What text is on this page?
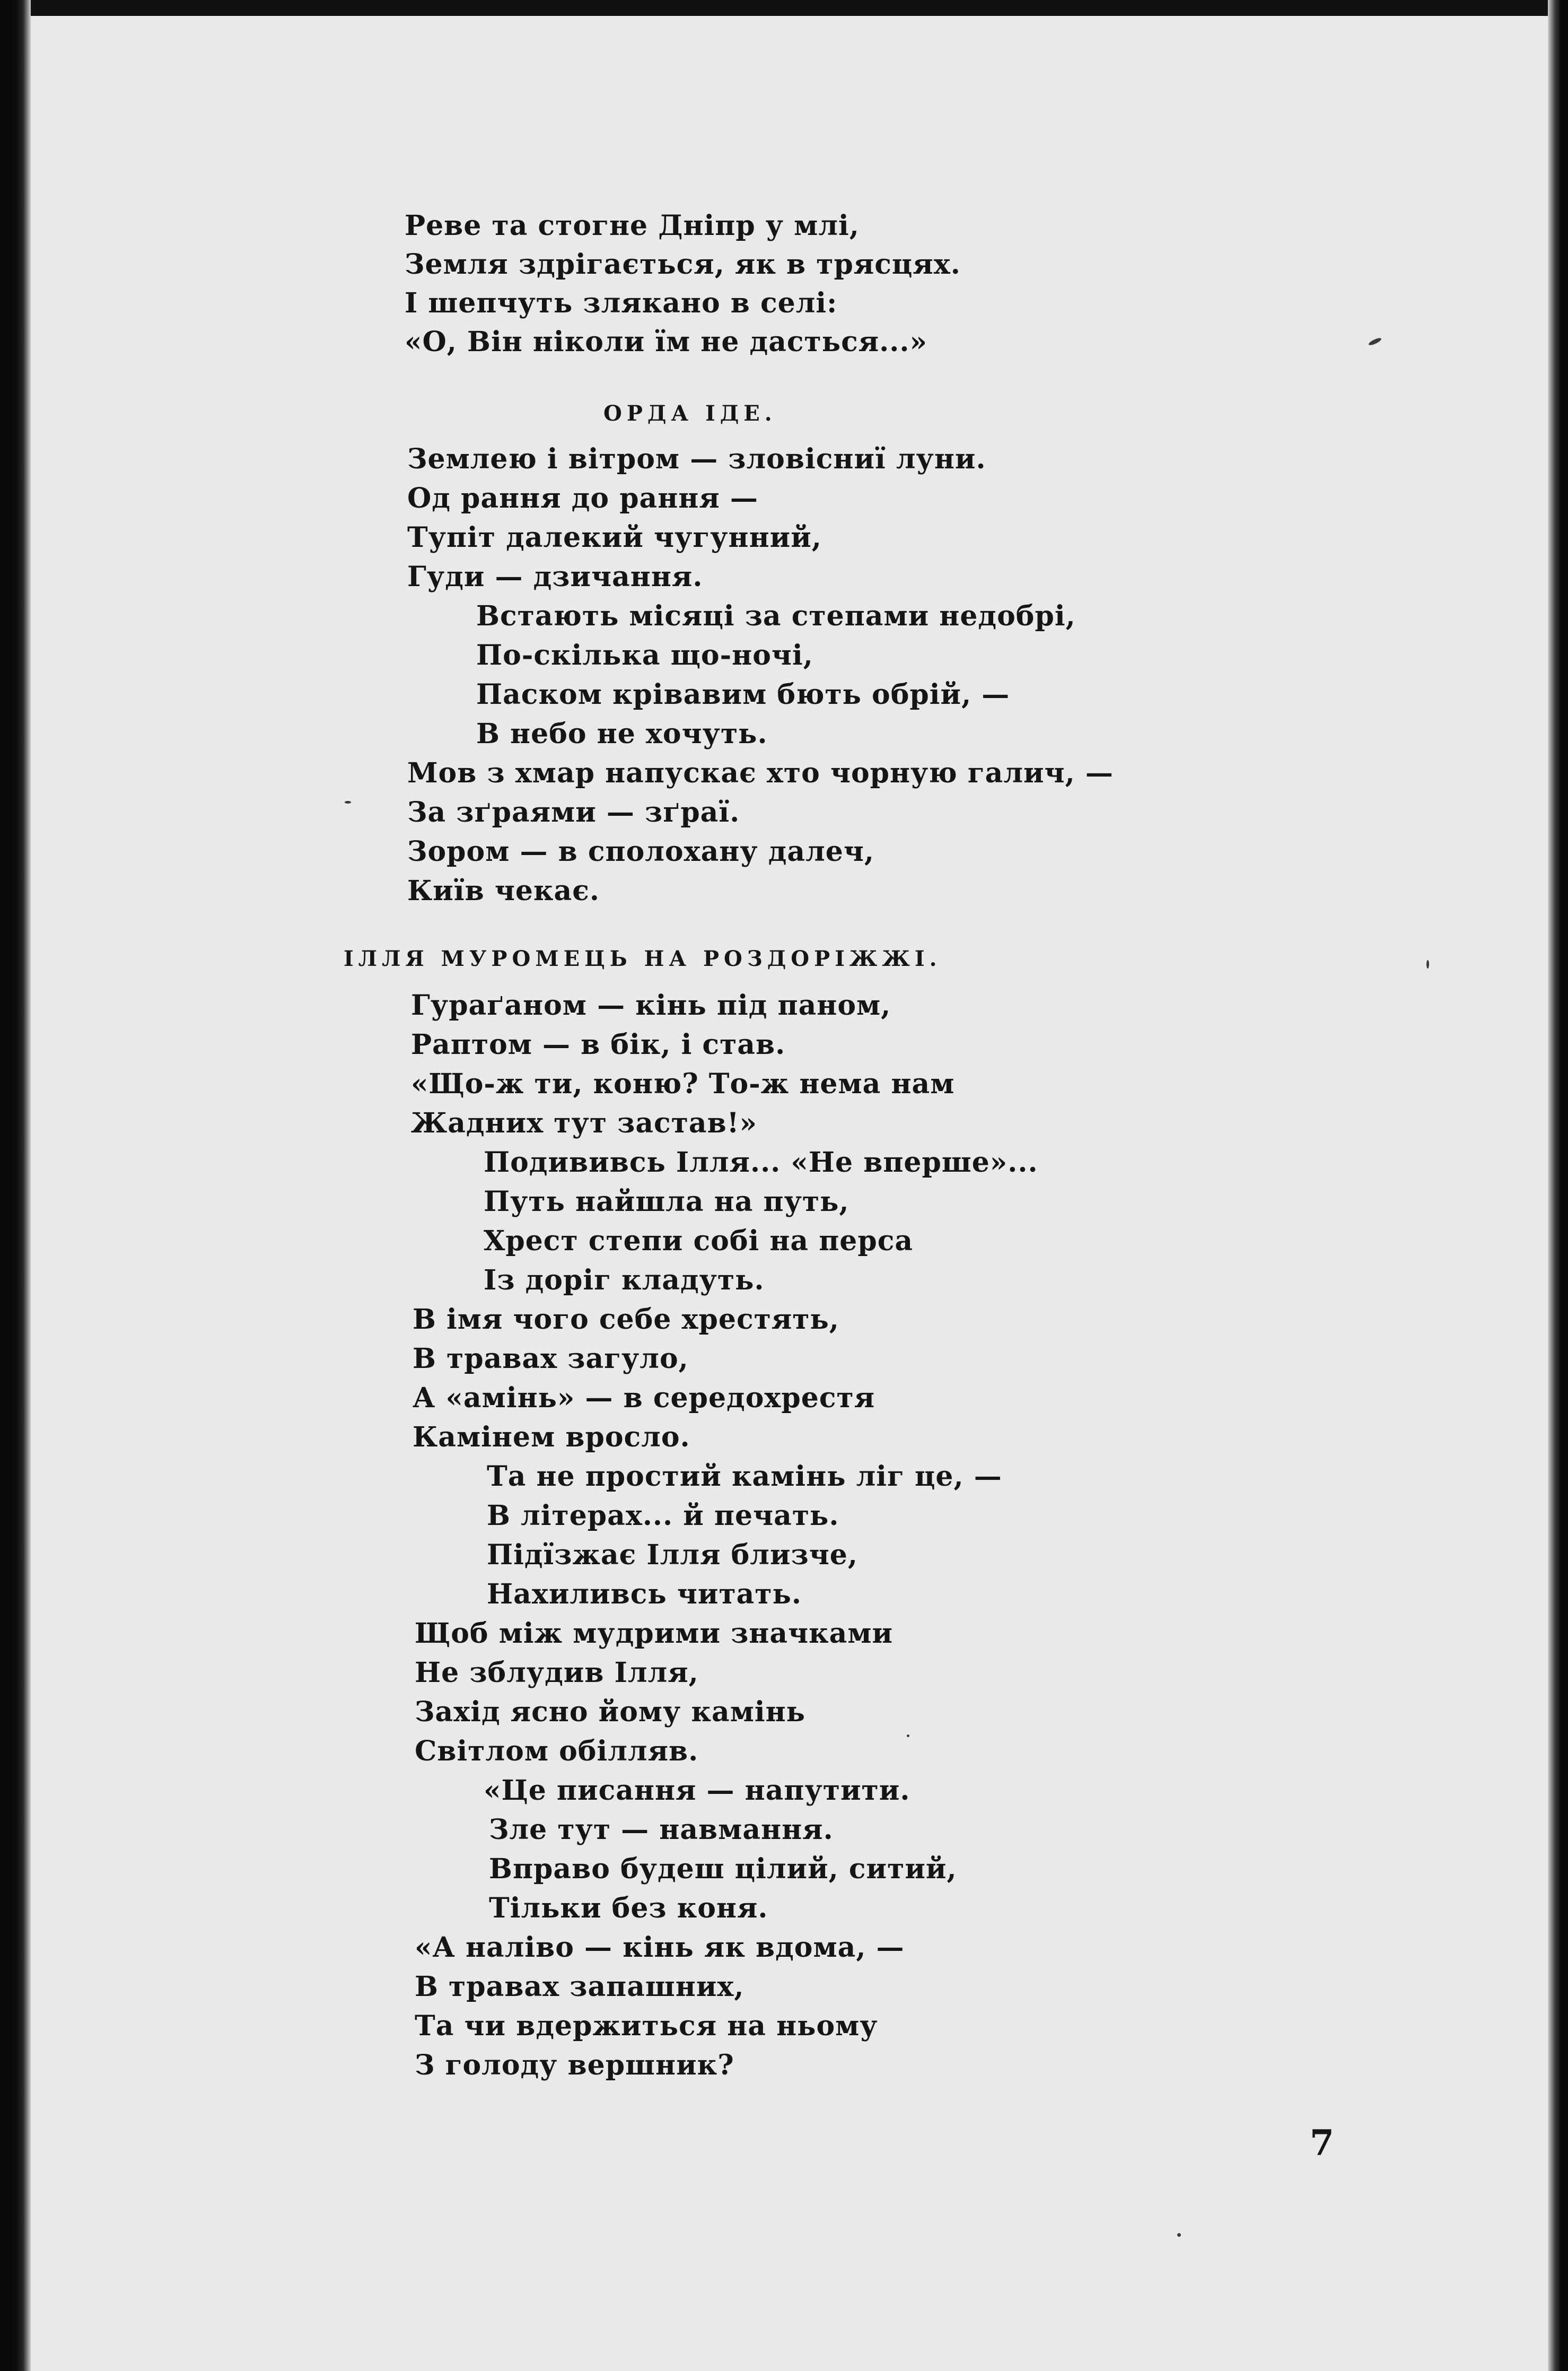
Реве та стогне Дніпр у млі,
Земля здрігається, як в трясцях.
І шепчуть злякано в селі:
«О, Він ніколи їм не дасться...»
ОРДА ІДЕ.
Землею і вітром — зловісниї луни.
Од рання до рання —
Тупіт далекий чугунний,
Гуди — дзичання.
Встають місяці за степами недобрі,
По-скілька що-ночі,
Паском крівавим бють обрій, —
В небо не хочуть.
Мов з хмар напускає хто чорную галич, —
За зґраями — зґраї.
Зором — в сполохану далеч,
Київ чекає.
ІЛЛЯ МУРОМЕЦЬ НА РОЗДОРІЖЖІ.
Гураґаном — кінь під паном,
Раптом — в бік, і став.
«Що-ж ти, коню? То-ж нема нам
Жадних тут застав!»
Подививсь Ілля... «Не вперше»...
Путь найшла на путь,
Хрест степи собі на перса
Із доріг кладуть.
В імя чого себе хрестять,
В травах загуло,
А «амінь» — в середохрестя
Камінем вросло.
Та не простий камінь ліг це, —
В літерах... й печать.
Підїзжає Ілля близче,
Нахиливсь читать.
Щоб між мудрими значками
Не зблудив Ілля,
Захід ясно йому камінь
Світлом обілляв.
«Це писання — напутити.
Зле тут — навмання.
Вправо будеш цілий, ситий,
Тільки без коня.
«А наліво — кінь як вдома, —
В травах запашних,
Та чи вдержиться на ньому
З голоду вершник?
7
